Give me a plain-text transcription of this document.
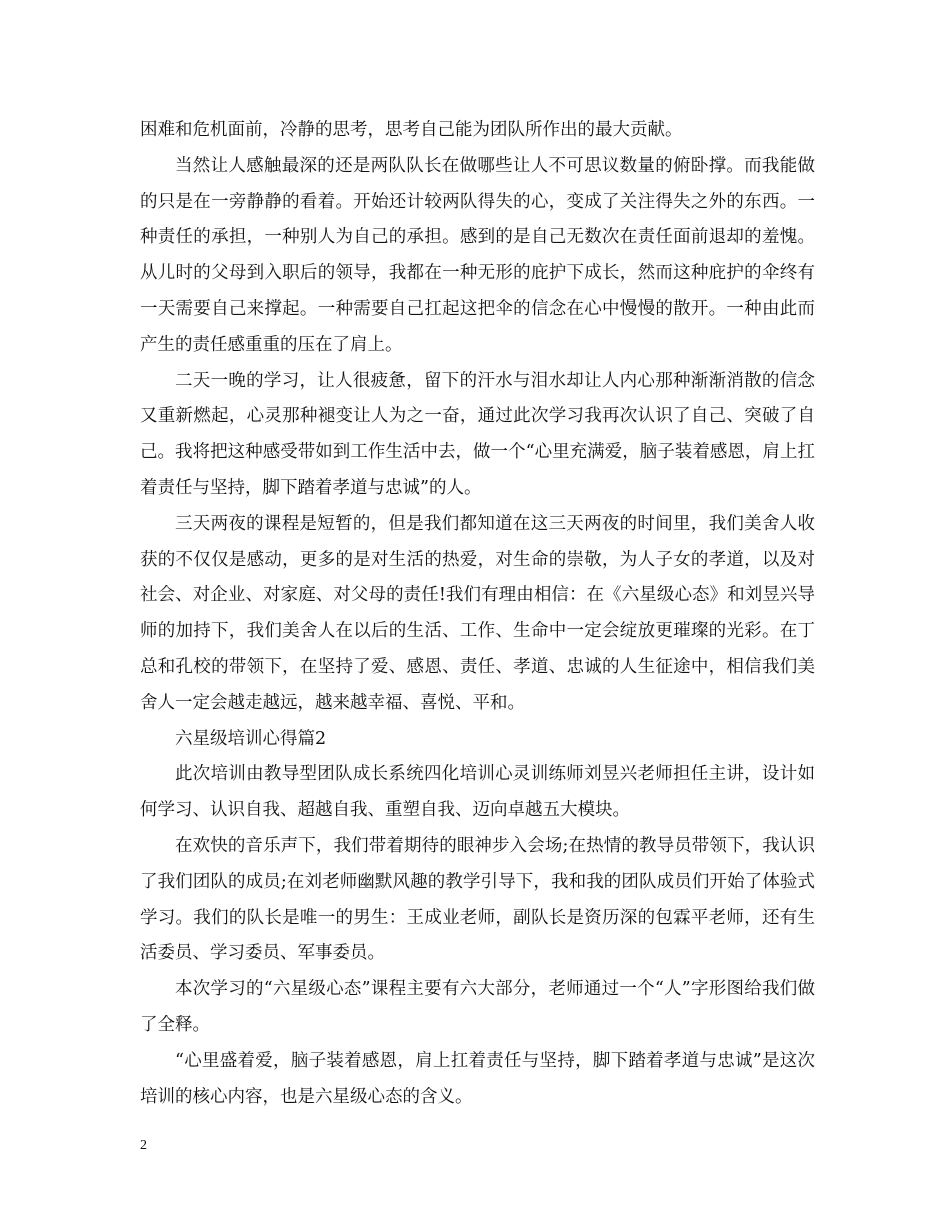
困难和危机面前，冷静的思考，思考自己能为团队所作出的最大贡献。

当然让人感触最深的还是两队队长在做哪些让人不可思议数量的俯卧撑。而我能做的只是在一旁静静的看着。开始还计较两队得失的心，变成了关注得失之外的东西。一种责任的承担，一种别人为自己的承担。感到的是自己无数次在责任面前退却的羞愧。从儿时的父母到入职后的领导，我都在一种无形的庇护下成长，然而这种庇护的伞终有一天需要自己来撑起。一种需要自己扛起这把伞的信念在心中慢慢的散开。一种由此而产生的责任感重重的压在了肩上。

二天一晚的学习，让人很疲惫，留下的汗水与泪水却让人内心那种渐渐消散的信念又重新燃起，心灵那种褪变让人为之一奋，通过此次学习我再次认识了自己、突破了自己。我将把这种感受带如到工作生活中去，做一个“心里充满爱，脑子装着感恩，肩上扛着责任与坚持，脚下踏着孝道与忠诚”的人。

三天两夜的课程是短暂的，但是我们都知道在这三天两夜的时间里，我们美舍人收获的不仅仅是感动，更多的是对生活的热爱，对生命的崇敬，为人子女的孝道，以及对社会、对企业、对家庭、对父母的责任!我们有理由相信：在《六星级心态》和刘昱兴导师的加持下，我们美舍人在以后的生活、工作、生命中一定会绽放更璀璨的光彩。在丁总和孔校的带领下，在坚持了爱、感恩、责任、孝道、忠诚的人生征途中，相信我们美舍人一定会越走越远，越来越幸福、喜悦、平和。

六星级培训心得篇2

此次培训由教导型团队成长系统四化培训心灵训练师刘昱兴老师担任主讲，设计如何学习、认识自我、超越自我、重塑自我、迈向卓越五大模块。

在欢快的音乐声下，我们带着期待的眼神步入会场;在热情的教导员带领下，我认识了我们团队的成员;在刘老师幽默风趣的教学引导下，我和我的团队成员们开始了体验式学习。我们的队长是唯一的男生：王成业老师，副队长是资历深的包霖平老师，还有生活委员、学习委员、军事委员。

本次学习的“六星级心态”课程主要有六大部分，老师通过一个“人”字形图给我们做了全释。

“心里盛着爱，脑子装着感恩，肩上扛着责任与坚持，脚下踏着孝道与忠诚”是这次培训的核心内容，也是六星级心态的含义。

2
